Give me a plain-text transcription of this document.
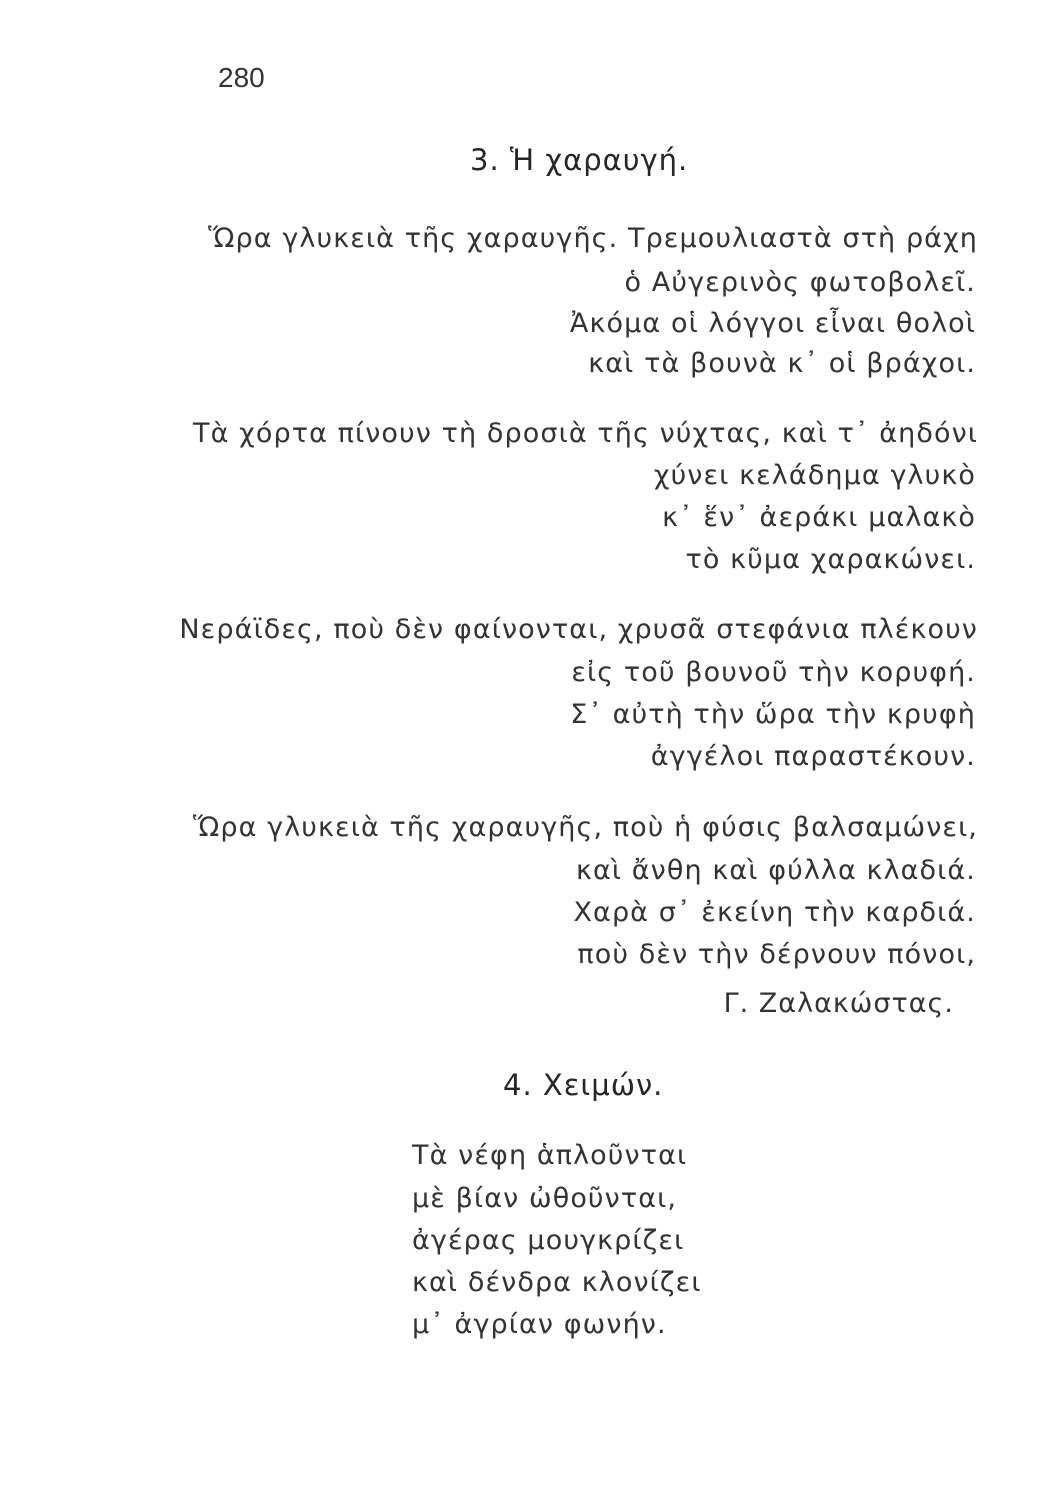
280
3. Ἡ χαραυγή.
Ὥρα γλυκειὰ τῆς χαραυγῆς. Τρεμουλιαστὰ στὴ ράχη
ὁ Αὐγερινὸς φωτοβολεῖ.
Ἀκόμα οἱ λόγγοι εἶναι θολοὶ
καὶ τὰ βουνὰ κ᾿ οἱ βράχοι.
Τὰ χόρτα πίνουν τὴ δροσιὰ τῆς νύχτας, καὶ τ᾿ ἀηδόνι
χύνει κελάδημα γλυκὸ
κ᾿ ἕν᾿ ἀεράκι μαλακὸ
τὸ κῦμα χαρακώνει.
Νεράϊδες, ποὺ δὲν φαίνονται, χρυσᾶ στεφάνια πλέκουν
εἰς τοῦ βουνοῦ τὴν κορυφή.
Σ᾿ αὐτὴ τὴν ὥρα τὴν κρυφὴ
ἀγγέλοι παραστέκουν.
Ὥρα γλυκειὰ τῆς χαραυγῆς, ποὺ ἡ φύσις βαλσαμώνει,
καὶ ἄνθη καὶ φύλλα κλαδιά.
Χαρὰ σ᾿ ἐκείνη τὴν καρδιά.
ποὺ δὲν τὴν δέρνουν πόνοι,
Γ. Ζαλακώστας.
4. Χειμών.
Τὰ νέφη ἁπλοῦνται
μὲ βίαν ὠθοῦνται,
ἀγέρας μουγκρίζει
καὶ δένδρα κλονίζει
μ᾿ ἀγρίαν φωνήν.
